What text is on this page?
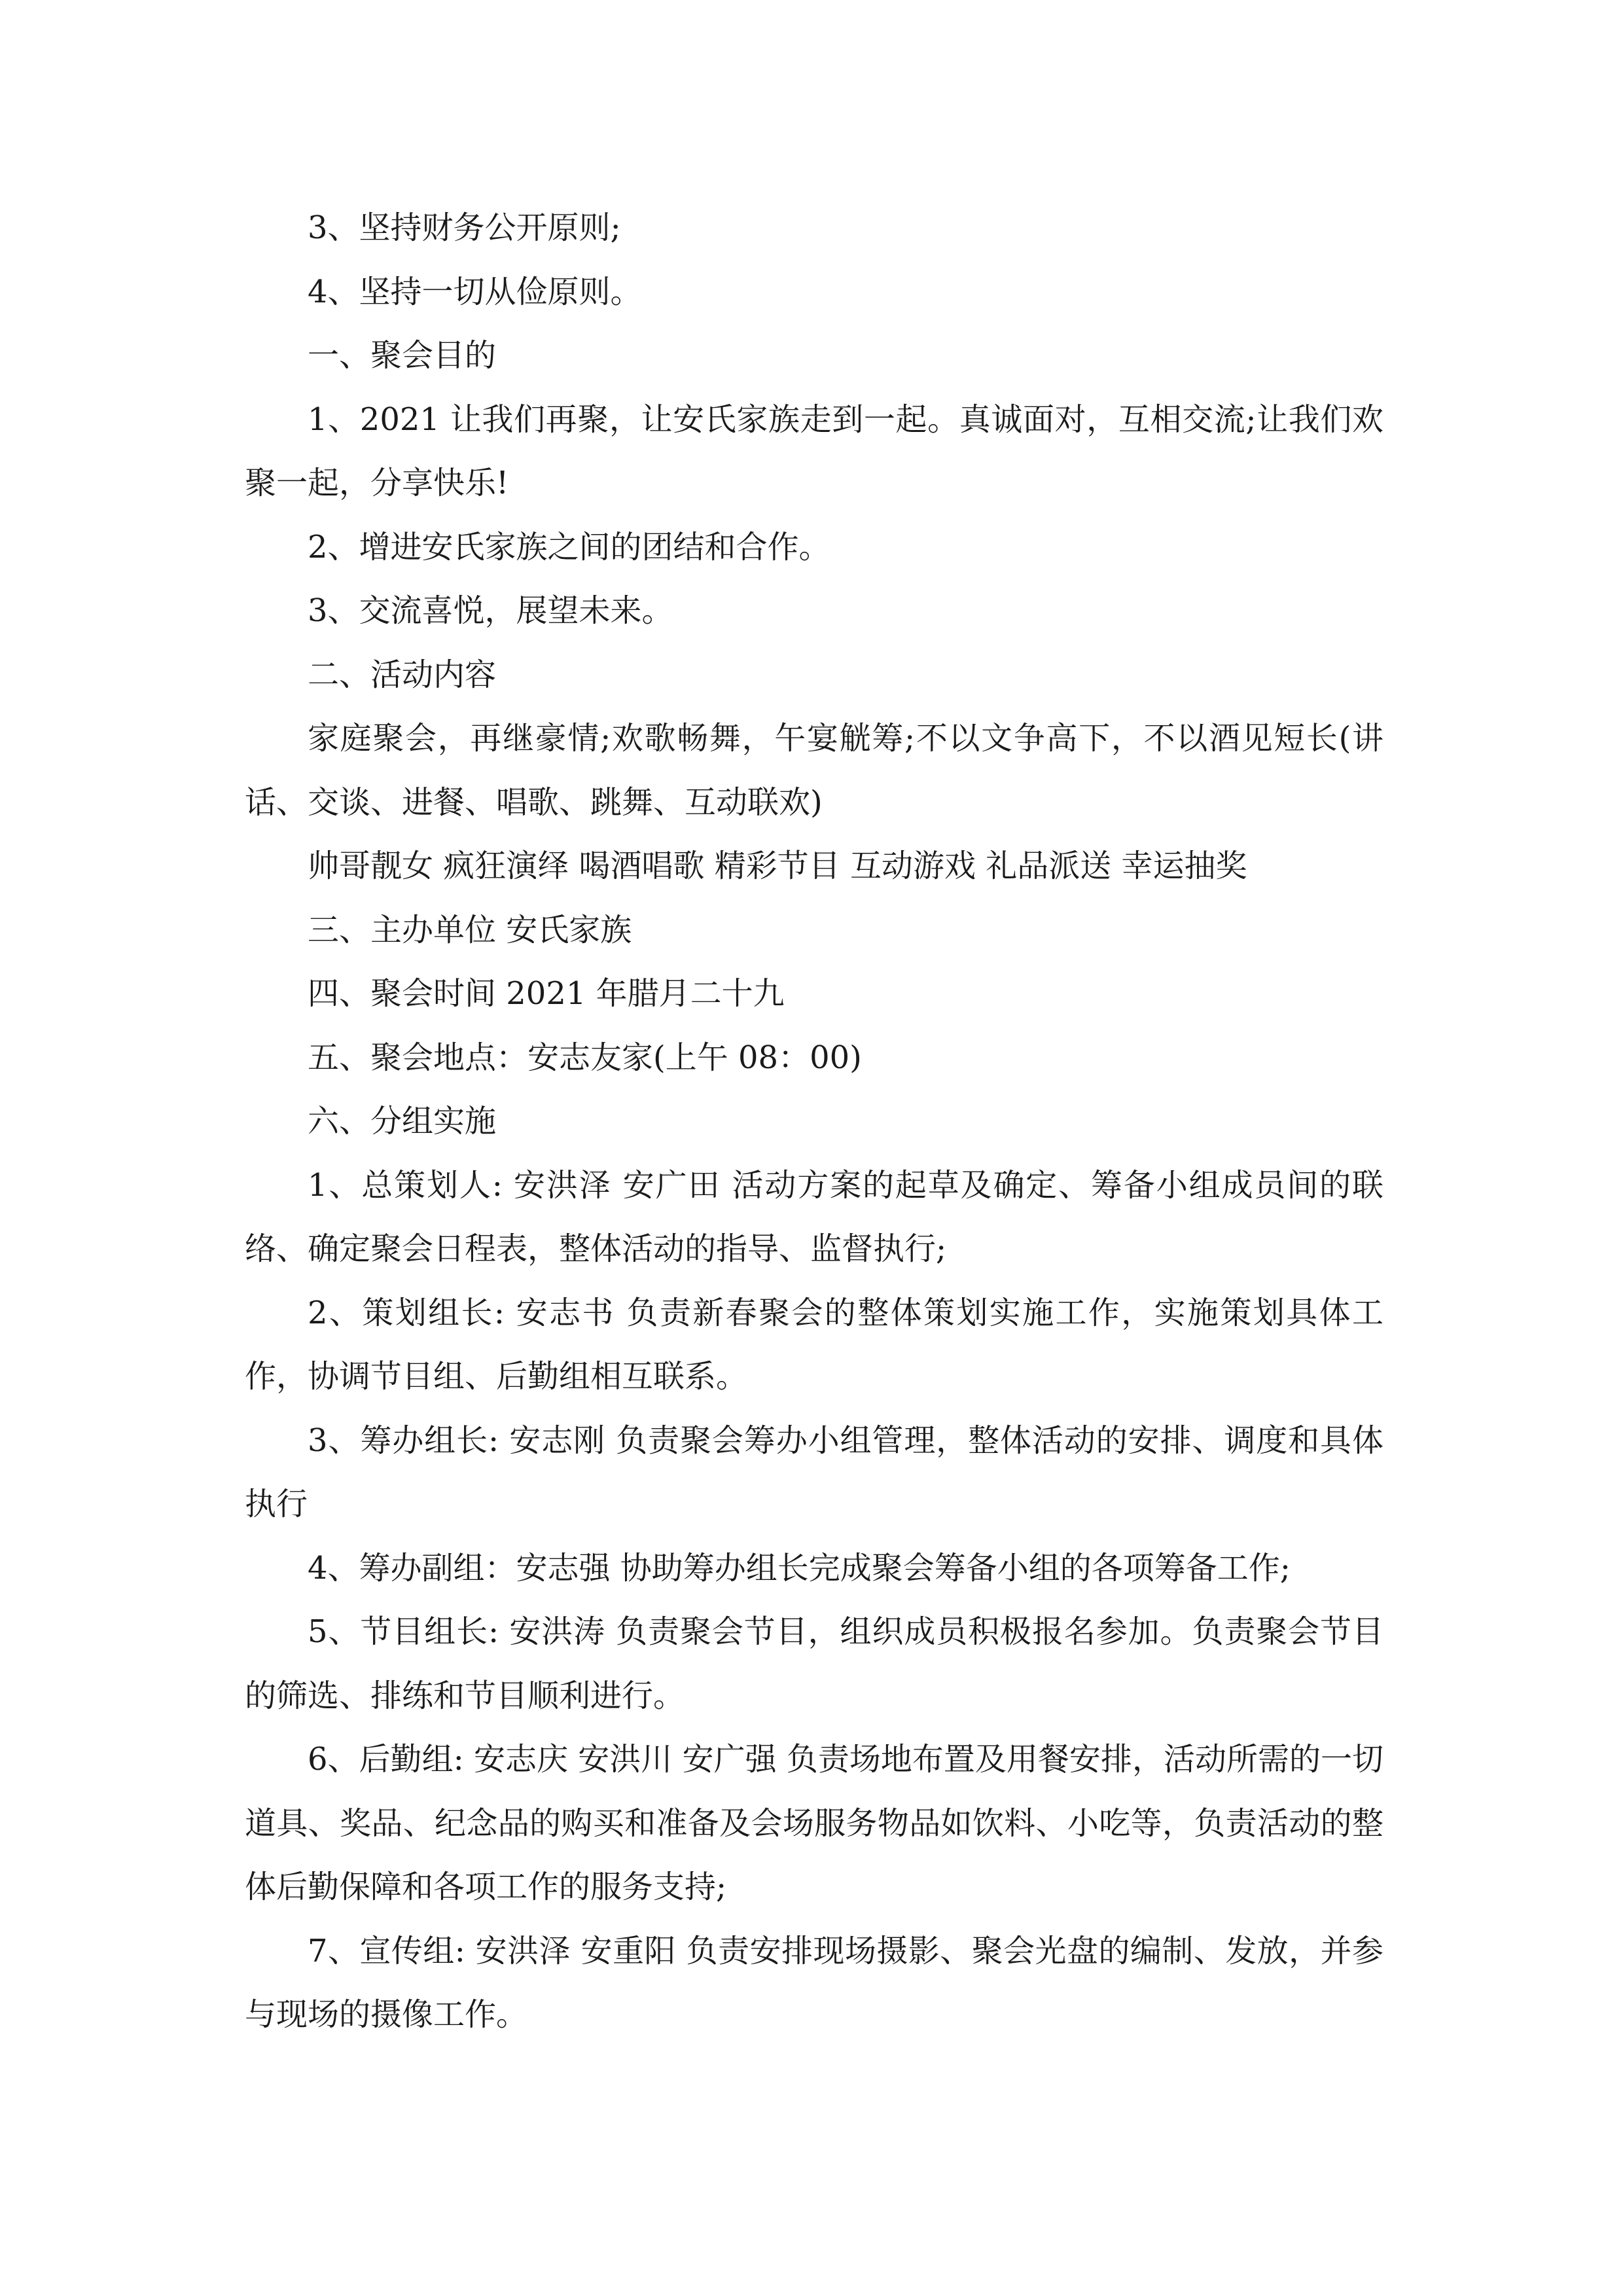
3、坚持财务公开原则;

4、坚持一切从俭原则。

一、聚会目的

1、2021 让我们再聚，让安氏家族走到一起。真诚面对，互相交流;让我们欢聚一起，分享快乐!

2、增进安氏家族之间的团结和合作。

3、交流喜悦，展望未来。

二、活动内容

家庭聚会，再继豪情;欢歌畅舞，午宴觥筹;不以文争高下，不以酒见短长(讲话、交谈、进餐、唱歌、跳舞、互动联欢)

帅哥靓女 疯狂演绎 喝酒唱歌 精彩节目 互动游戏 礼品派送 幸运抽奖

三、主办单位 安氏家族

四、聚会时间 2021 年腊月二十九

五、聚会地点：安志友家(上午 08：00)

六、分组实施

1、总策划人: 安洪泽 安广田 活动方案的起草及确定、筹备小组成员间的联络、确定聚会日程表，整体活动的指导、监督执行;

2、策划组长: 安志书 负责新春聚会的整体策划实施工作，实施策划具体工作，协调节目组、后勤组相互联系。

3、筹办组长: 安志刚 负责聚会筹办小组管理，整体活动的安排、调度和具体执行

4、筹办副组：安志强 协助筹办组长完成聚会筹备小组的各项筹备工作;

5、节目组长: 安洪涛 负责聚会节目，组织成员积极报名参加。负责聚会节目的筛选、排练和节目顺利进行。

6、后勤组: 安志庆 安洪川 安广强 负责场地布置及用餐安排，活动所需的一切道具、奖品、纪念品的购买和准备及会场服务物品如饮料、小吃等，负责活动的整体后勤保障和各项工作的服务支持;

7、宣传组: 安洪泽 安重阳 负责安排现场摄影、聚会光盘的编制、发放，并参与现场的摄像工作。
